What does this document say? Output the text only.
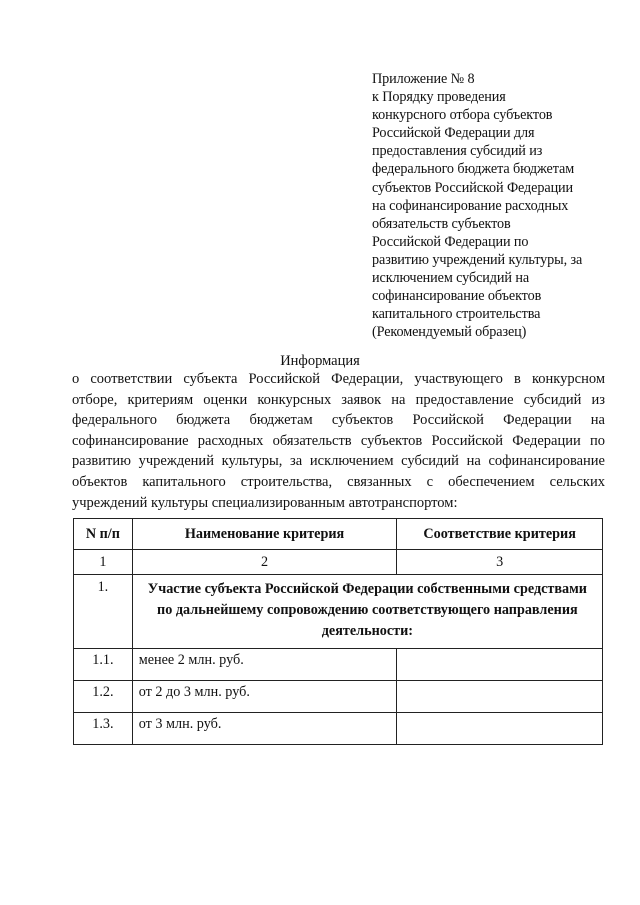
Приложение № 8
к Порядку проведения
конкурсного отбора субъектов
Российской Федерации для
предоставления субсидий из
федерального бюджета бюджетам
субъектов Российской Федерации
на софинансирование расходных
обязательств субъектов
Российской Федерации по
развитию учреждений культуры, за
исключением субсидий на
софинансирование объектов
капитального строительства
(Рекомендуемый образец)
Информация
о соответствии субъекта Российской Федерации, участвующего в конкурсном
отборе, критериям оценки конкурсных заявок на предоставление субсидий из
федерального бюджета бюджетам субъектов Российской Федерации на
софинансирование расходных обязательств субъектов Российской Федерации по
развитию учреждений культуры, за исключением субсидий на софинансирование
объектов капитального строительства, связанных с обеспечением сельских
учреждений культуры специализированным автотранспортом:
N п/п	Наименование критерия	Соответствие критерия
1	2	3
1.	Участие субъекта Российской Федерации собственными средствами
по дальнейшему сопровождению соответствующего направления
деятельности:	

1.1.	менее 2 млн. руб.	
1.2.	от 2 до 3 млн. руб.	
1.3.	от 3 млн. руб.	
